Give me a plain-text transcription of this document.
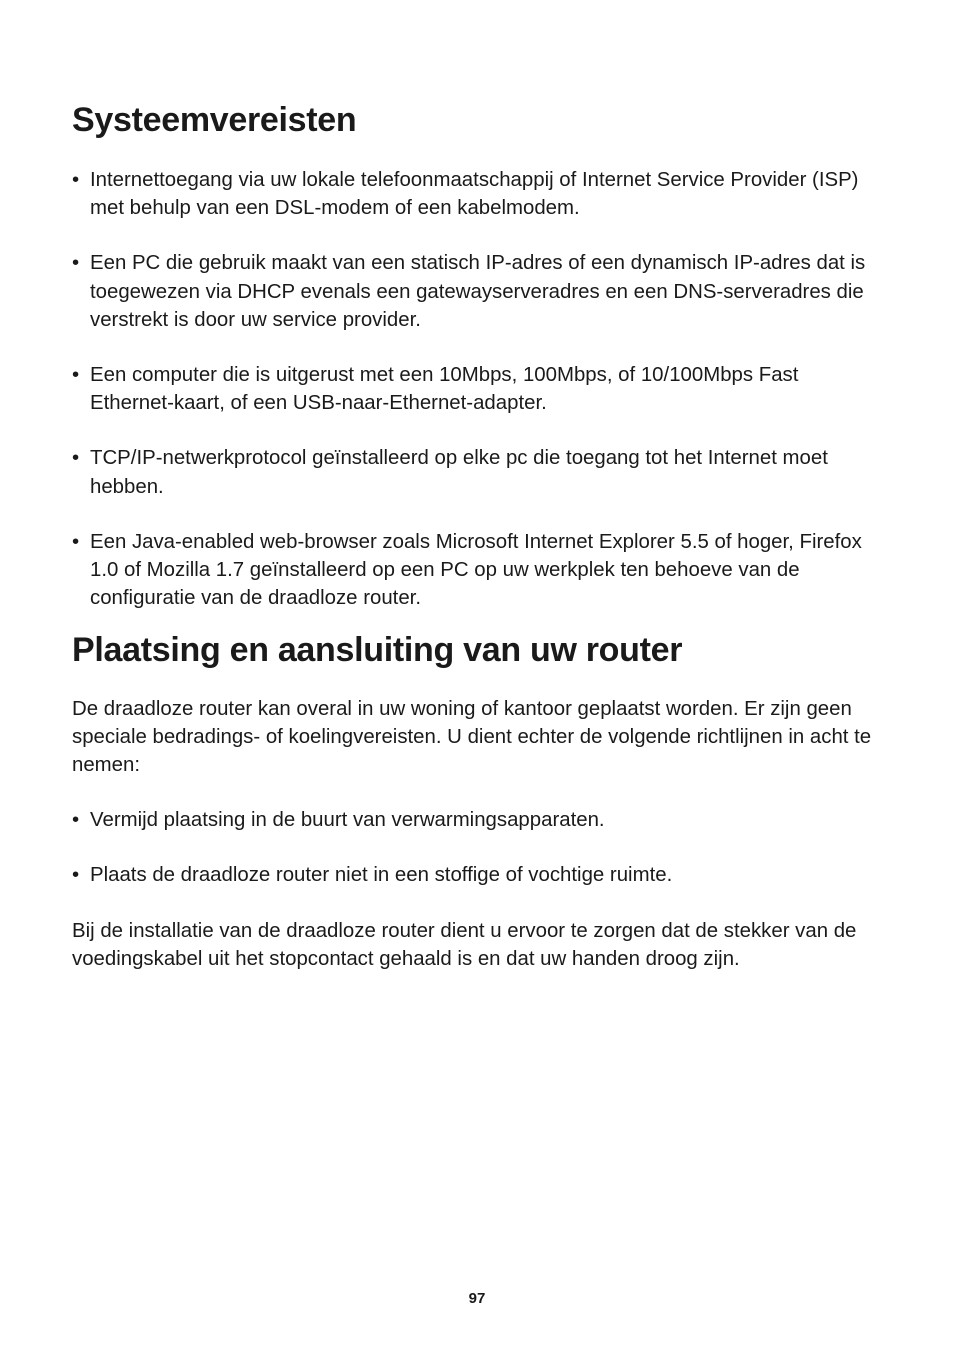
Systeemvereisten
• Internettoegang via uw lokale telefoonmaatschappij of Internet Service Provider (ISP) met behulp van een DSL-modem of een kabelmodem.
• Een PC die gebruik maakt van een statisch IP-adres of een dynamisch IP-adres dat is toegewezen via DHCP evenals een gatewayserveradres en een DNS-serveradres die verstrekt is door uw service provider.
• Een computer die is uitgerust met een 10Mbps, 100Mbps, of 10/100Mbps Fast Ethernet-kaart, of een USB-naar-Ethernet-adapter.
• TCP/IP-netwerkprotocol geïnstalleerd op elke pc die toegang tot het Internet moet hebben.
• Een Java-enabled web-browser zoals Microsoft Internet Explorer 5.5 of hoger, Firefox 1.0 of Mozilla 1.7 geïnstalleerd op een PC op uw werkplek ten behoeve van de configuratie van de draadloze router.
Plaatsing en aansluiting van uw router

De draadloze router kan overal in uw woning of kantoor geplaatst worden. Er zijn geen speciale bedradings- of koelingvereisten. U dient echter de volgende richtlijnen in acht te nemen:

• Vermijd plaatsing in de buurt van verwarmingsapparaten.
• Plaats de draadloze router niet in een stoffige of vochtige ruimte.

Bij de installatie van de draadloze router dient u ervoor te zorgen dat de stekker van de voedingskabel uit het stopcontact gehaald is en dat uw handen droog zijn.

97
